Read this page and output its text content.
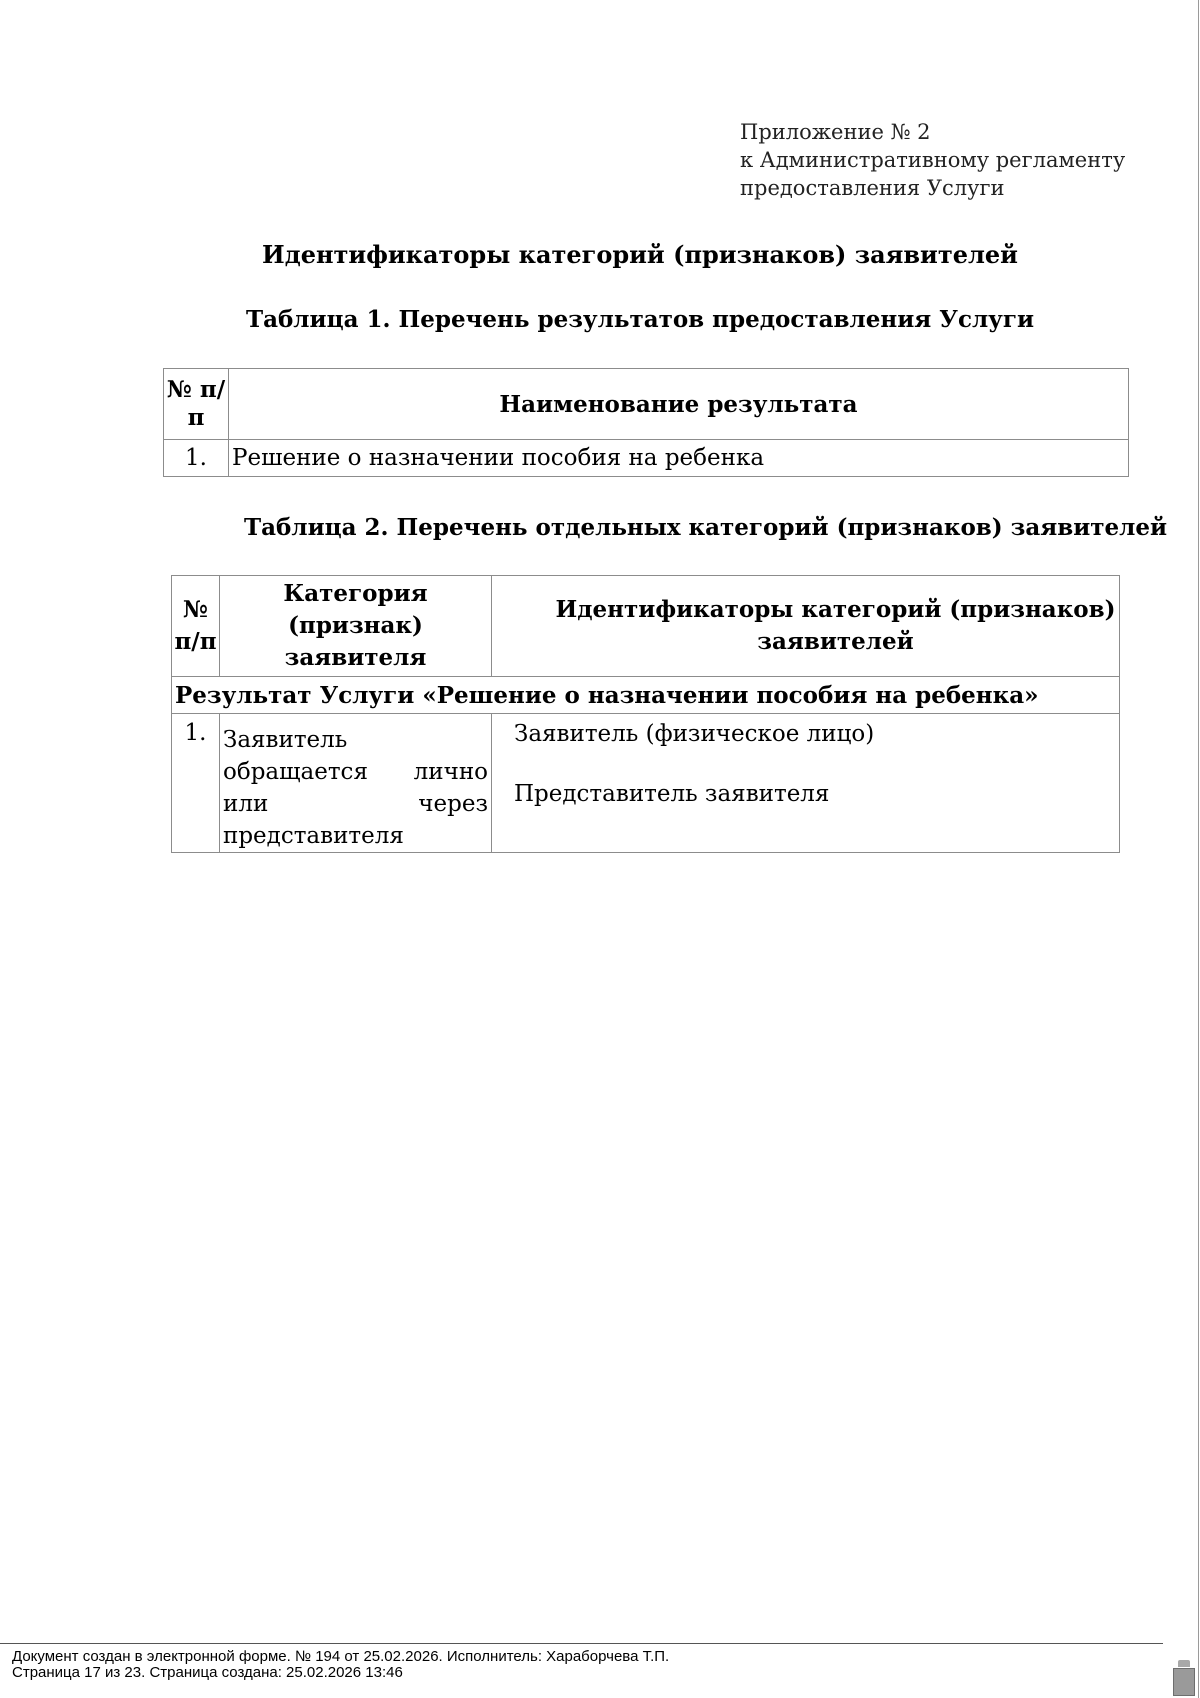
Приложение № 2
к Административному регламенту
предоставления Услуги
Идентификаторы категорий (признаков) заявителей
Таблица 1. Перечень результатов предоставления Услуги
№ п/п	Наименование результата
1.	Решение о назначении пособия на ребенка
Таблица 2. Перечень отдельных категорий (признаков) заявителей
№ п/п	Категория (признак) заявителя	Идентификаторы категорий (признаков) заявителей
Результат Услуги «Решение о назначении пособия на ребенка»		
1.	Заявитель обращается лично или через представителя	Заявитель (физическое лицо)
Представитель заявителя
Документ создан в электронной форме. № 194 от 25.02.2026. Исполнитель: Хараборчева Т.П.
Страница 17 из 23. Страница создана: 25.02.2026 13:46
